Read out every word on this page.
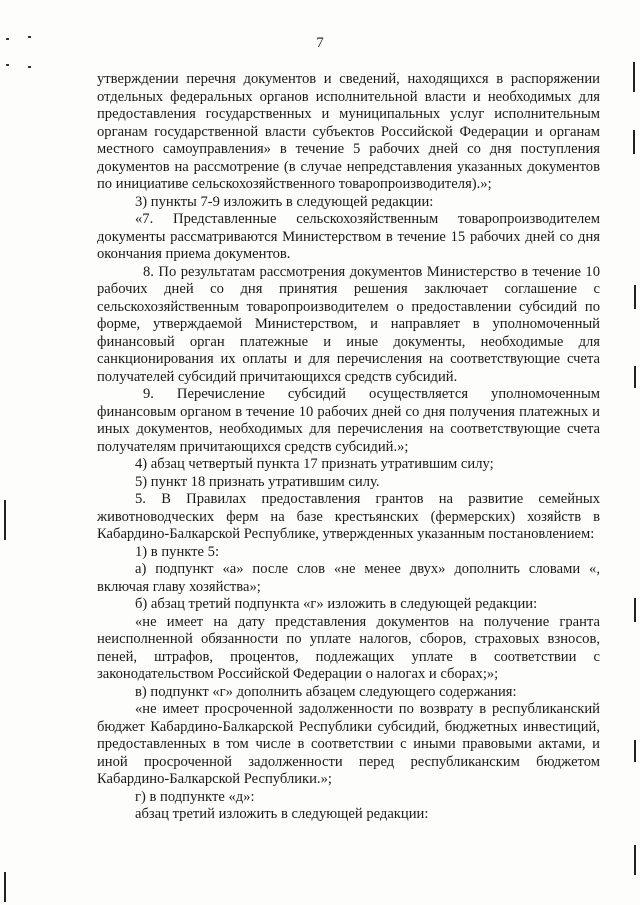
7

утверждении перечня документов и сведений, находящихся в распоряжении отдельных федеральных органов исполнительной власти и необходимых для предоставления государственных и муниципальных услуг исполнительным органам государственной власти субъектов Российской Федерации и органам местного самоуправления» в течение 5 рабочих дней со дня поступления документов на рассмотрение (в случае непредставления указанных документов по инициативе сельскохозяйственного товаропроизводителя).»;

3) пункты 7-9 изложить в следующей редакции:

«7. Представленные сельскохозяйственным товаропроизводителем документы рассматриваются Министерством в течение 15 рабочих дней со дня окончания приема документов.

8. По результатам рассмотрения документов Министерство в течение 10 рабочих дней со дня принятия решения заключает соглашение с сельскохозяйственным товаропроизводителем о предоставлении субсидий по форме, утверждаемой Министерством, и направляет в уполномоченный финансовый орган платежные и иные документы, необходимые для санкционирования их оплаты и для перечисления на соответствующие счета получателей субсидий причитающихся средств субсидий.

9. Перечисление субсидий осуществляется уполномоченным финансовым органом в течение 10 рабочих дней со дня получения платежных и иных документов, необходимых для перечисления на соответствующие счета получателям причитающихся средств субсидий.»;

4) абзац четвертый пункта 17 признать утратившим силу;

5) пункт 18 признать утратившим силу.

5. В Правилах предоставления грантов на развитие семейных животноводческих ферм на базе крестьянских (фермерских) хозяйств в Кабардино-Балкарской Республике, утвержденных указанным постановлением:

1) в пункте 5:

а) подпункт «а» после слов «не менее двух» дополнить словами «, включая главу хозяйства»;

б) абзац третий подпункта «г» изложить в следующей редакции:

«не имеет на дату представления документов на получение гранта неисполненной обязанности по уплате налогов, сборов, страховых взносов, пеней, штрафов, процентов, подлежащих уплате в соответствии с законодательством Российской Федерации о налогах и сборах;»;

в) подпункт «г» дополнить абзацем следующего содержания:

«не имеет просроченной задолженности по возврату в республиканский бюджет Кабардино-Балкарской Республики субсидий, бюджетных инвестиций, предоставленных в том числе в соответствии с иными правовыми актами, и иной просроченной задолженности перед республиканским бюджетом Кабардино-Балкарской Республики.»;

г) в подпункте «д»:

абзац третий изложить в следующей редакции:
